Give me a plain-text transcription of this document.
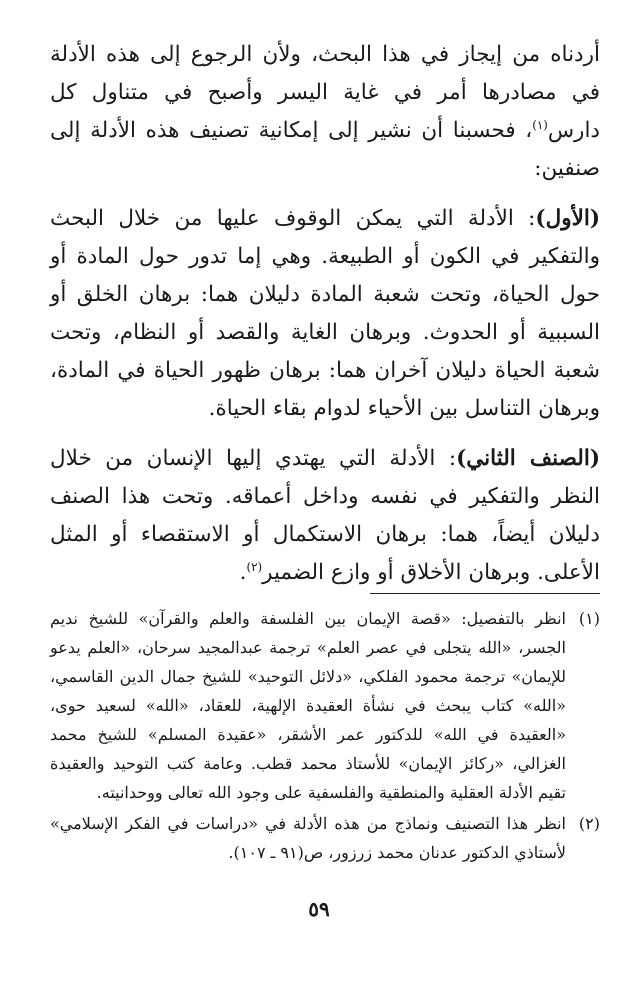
أردناه من إيجاز في هذا البحث، ولأن الرجوع إلى هذه الأدلة في مصادرها أمر في غاية اليسر وأصبح في متناول كل دارس$^{(١)}$، فحسبنا أن نشير إلى إمكانية تصنيف هذه الأدلة إلى صنفين:

(الأول): الأدلة التي يمكن الوقوف عليها من خلال البحث والتفكير في الكون أو الطبيعة. وهي إما تدور حول المادة أو حول الحياة، وتحت شعبة المادة دليلان هما: برهان الخلق أو السببية أو الحدوث. وبرهان الغاية والقصد أو النظام، وتحت شعبة الحياة دليلان آخران هما: برهان ظهور الحياة في المادة، وبرهان التناسل بين الأحياء لدوام بقاء الحياة.

(الصنف الثاني): الأدلة التي يهتدي إليها الإنسان من خلال النظر والتفكير في نفسه وداخل أعماقه. وتحت هذا الصنف دليلان أيضاً، هما: برهان الاستكمال أو الاستقصاء أو المثل الأعلى. وبرهان الأخلاق أو وازع الضمير$^{(٢)}$.

(١)
انظر بالتفصيل: «قصة الإيمان بين الفلسفة والعلم والقرآن» للشيخ نديم الجسر، «الله يتجلى في عصر العلم» ترجمة عبدالمجيد سرحان، «العلم يدعو للإيمان» ترجمة محمود الفلكي، «دلائل التوحيد» للشيخ جمال الدين القاسمي، «الله» كتاب يبحث في نشأة العقيدة الإلهية، للعقاد، «الله» لسعيد حوى، «العقيدة في الله» للدكتور عمر الأشقر، «عقيدة المسلم» للشيخ محمد الغزالي، «ركائز الإيمان» للأستاذ محمد قطب. وعامة كتب التوحيد والعقيدة تقيم الأدلة العقلية والمنطقية والفلسفية على وجود الله تعالى ووحدانيته.
(٢)
انظر هذا التصنيف ونماذج من هذه الأدلة في «دراسات في الفكر الإسلامي» لأستاذي الدكتور عدنان محمد زرزور، ص(٩١ ـ ١٠٧).
٥٩
